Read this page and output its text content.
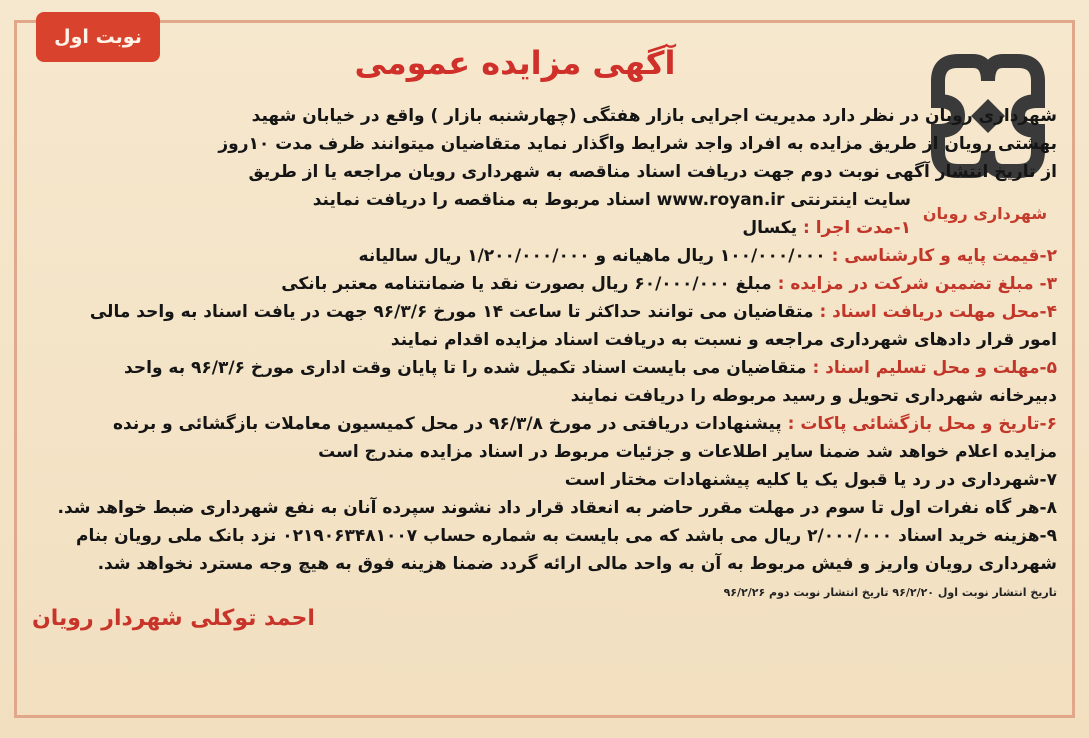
نوبت اول
آگهی مزایده عمومی
شهرداری رویان
شهرداری رویان در نظر دارد مدیریت اجرایی بازار هفتگی (چهارشنبه بازار ) واقع در خیابان شهید
بهشتی رویان از طریق مزایده به افراد واجد شرایط واگذار نماید متقاضیان میتوانند ظرف مدت ۱۰روز
از تاریخ انتشار آگهی نوبت دوم جهت دریافت اسناد مناقصه به شهرداری رویان مراجعه یا از طریق
سایت اینترنتی www.royan.ir اسناد مربوط به مناقصه را دریافت نمایند
۱-مدت اجرا : یکسال
۲-قیمت پایه و کارشناسی : ۱۰۰/۰۰۰/۰۰۰ ریال ماهیانه و ۱/۲۰۰/۰۰۰/۰۰۰ ریال سالیانه
۳- مبلغ تضمین شرکت در مزایده : مبلغ ۶۰/۰۰۰/۰۰۰ ریال بصورت نقد یا ضمانتنامه معتبر بانکی
۴-محل مهلت دریافت اسناد : متقاضیان می توانند حداکثر تا ساعت ۱۴ مورخ ۹۶/۳/۶ جهت در یافت اسناد به واحد مالی
امور قرار دادهای شهرداری مراجعه و نسبت به دریافت اسناد مزایده اقدام نمایند
۵-مهلت و محل تسلیم اسناد : متقاضیان می بایست اسناد تکمیل شده را تا پایان وقت اداری مورخ ۹۶/۳/۶ به واحد
دبیرخانه شهرداری تحویل و رسید مربوطه را دریافت نمایند
۶-تاریخ و محل بازگشائی پاکات : پیشنهادات دریافتی در مورخ ۹۶/۳/۸ در محل کمیسیون معاملات بازگشائی و برنده
مزایده اعلام خواهد شد ضمنا سایر اطلاعات و جزئیات مربوط در اسناد مزایده مندرج است
۷-شهرداری در رد یا قبول یک یا کلیه پیشنهادات مختار است
۸-هر گاه نفرات اول تا سوم در مهلت مقرر حاضر به انعقاد قرار داد نشوند سپرده آنان به نفع شهرداری ضبط خواهد شد.
۹-هزینه خرید اسناد ۲/۰۰۰/۰۰۰ ریال می باشد که می بایست به شماره حساب ۰۲۱۹۰۶۳۴۸۱۰۰۷ نزد بانک ملی رویان بنام
شهرداری رویان واریز و فیش مربوط به آن به واحد مالی ارائه گردد ضمنا هزینه فوق به هیچ وجه مسترد نخواهد شد.
تاریخ انتشار نوبت اول ۹۶/۲/۲۰ تاریخ انتشار نوبت دوم ۹۶/۲/۲۶
احمد توکلی شهردار رویان
